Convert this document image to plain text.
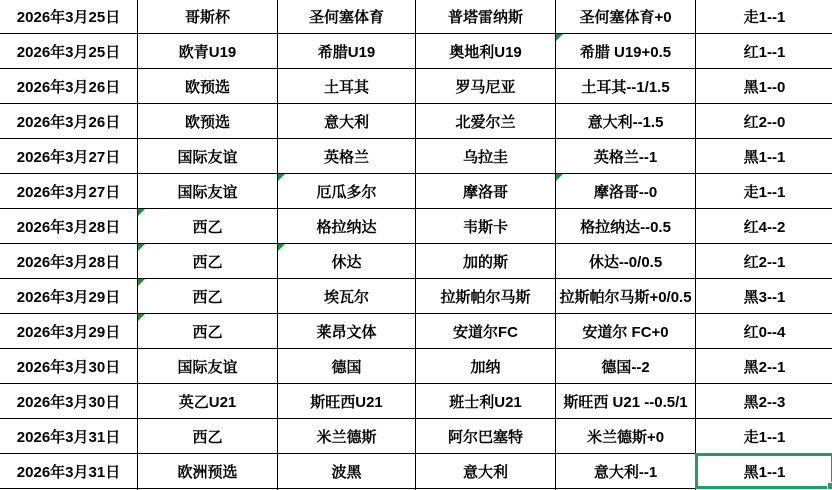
2026年3月25日	哥斯杯	圣何塞体育	普塔雷纳斯	圣何塞体育+0	走1--1
2026年3月25日	欧青U19	希腊U19	奥地利U19	希腊 U19+0.5	红1--1
2026年3月26日	欧预选	土耳其	罗马尼亚	土耳其--1/1.5	黑1--0
2026年3月26日	欧预选	意大利	北爱尔兰	意大利--1.5	红2--0
2026年3月27日	国际友谊	英格兰	乌拉圭	英格兰--1	黑1--1
2026年3月27日	国际友谊	厄瓜多尔	摩洛哥	摩洛哥--0	走1--1
2026年3月28日	西乙	格拉纳达	韦斯卡	格拉纳达--0.5	红4--2
2026年3月28日	西乙	休达	加的斯	休达--0/0.5	红2--1
2026年3月29日	西乙	埃瓦尔	拉斯帕尔马斯	拉斯帕尔马斯+0/0.5	黑3--1
2026年3月29日	西乙	莱昂文体	安道尔FC	安道尔 FC+0	红0--4
2026年3月30日	国际友谊	德国	加纳	德国--2	黑2--1
2026年3月30日	英乙U21	斯旺西U21	班士利U21	斯旺西 U21 --0.5/1	黑2--3
2026年3月31日	西乙	米兰德斯	阿尔巴塞特	米兰德斯+0	走1--1
2026年3月31日	欧洲预选	波黑	意大利	意大利--1	黑1--1
